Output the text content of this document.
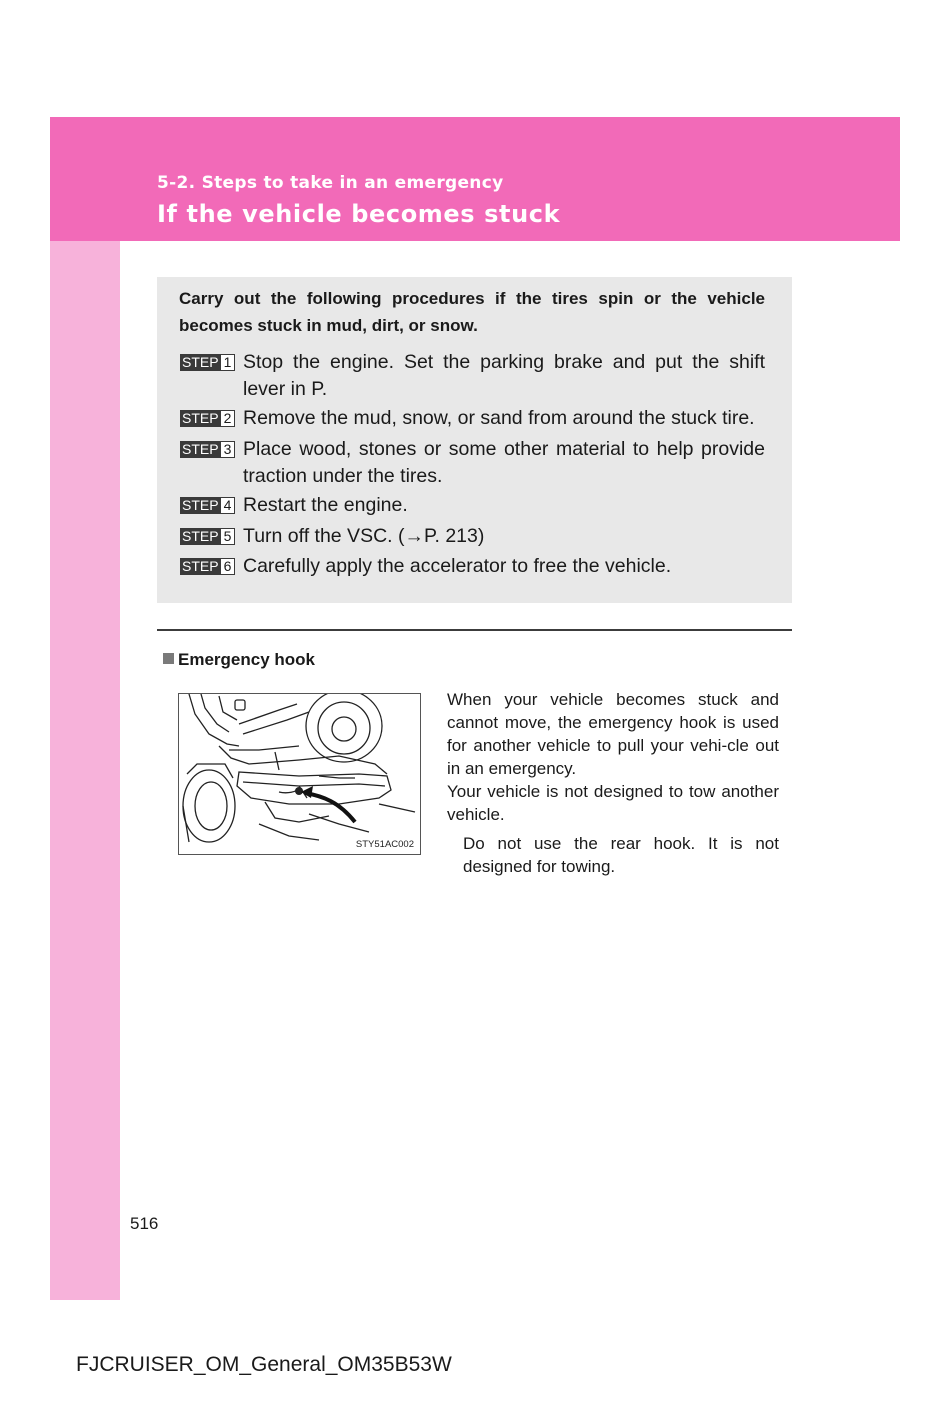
5-2. Steps to take in an emergency
If the vehicle becomes stuck
Carry out the following procedures if the tires spin or the vehicle becomes stuck in mud, dirt, or snow.
STEP 1 Stop the engine. Set the parking brake and put the shift lever in P.
STEP 2 Remove the mud, snow, or sand from around the stuck tire.
STEP 3 Place wood, stones or some other material to help provide traction under the tires.
STEP 4 Restart the engine.
STEP 5 Turn off the VSC. (→P. 213)
STEP 6 Carefully apply the accelerator to free the vehicle.
Emergency hook
STY51AC002

When your vehicle becomes stuck and cannot move, the emergency hook is used for another vehicle to pull your vehi-cle out in an emergency.

Your vehicle is not designed to tow another vehicle.

Do not use the rear hook. It is not designed for towing.
516
FJCRUISER_OM_General_OM35B53W
